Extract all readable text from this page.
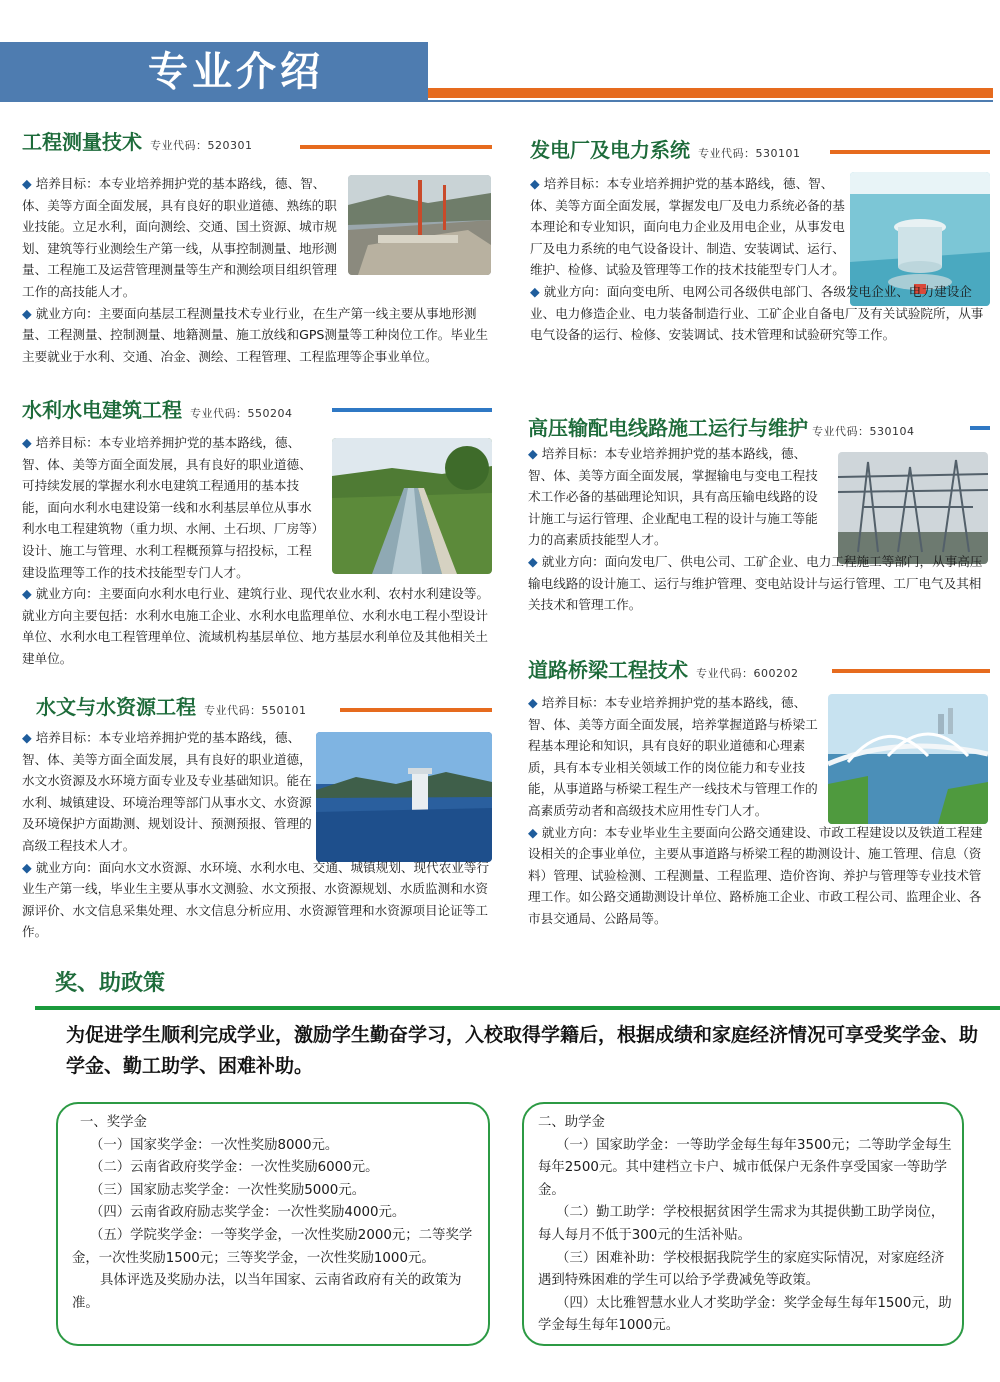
专业介绍
工程测量技术 专业代码：520301

◆ 培养目标：本专业培养拥护党的基本路线，德、智、体、美等方面全面发展，具有良好的职业道德、熟练的职业技能。立足水利，面向测绘、交通、国土资源、城市规划、建筑等行业测绘生产第一线，从事控制测量、地形测量、工程施工及运营管理测量等生产和测绘项目组织管理工作的高技能人才。

◆ 就业方向：主要面向基层工程测量技术专业行业，在生产第一线主要从事地形测量、工程测量、控制测量、地籍测量、施工放线和GPS测量等工种岗位工作。毕业生主要就业于水利、交通、冶金、测绘、工程管理、工程监理等企事业单位。

水利水电建筑工程 专业代码：550204

◆ 培养目标：本专业培养拥护党的基本路线，德、智、体、美等方面全面发展，具有良好的职业道德、可持续发展的掌握水利水电建筑工程通用的基本技能，面向水利水电建设第一线和水利基层单位从事水利水电工程建筑物（重力坝、水闸、土石坝、厂房等）设计、施工与管理、水利工程概预算与招投标，工程建设监理等工作的技术技能型专门人才。

◆ 就业方向：主要面向水利水电行业、建筑行业、现代农业水利、农村水利建设等。就业方向主要包括：水利水电施工企业、水利水电监理单位、水利水电工程小型设计单位、水利水电工程管理单位、流域机构基层单位、地方基层水利单位及其他相关土建单位。

水文与水资源工程 专业代码：550101

◆ 培养目标：本专业培养拥护党的基本路线，德、智、体、美等方面全面发展，具有良好的职业道德，水文水资源及水环境方面专业及专业基础知识。能在水利、城镇建设、环境治理等部门从事水文、水资源及环境保护方面勘测、规划设计、预测预报、管理的高级工程技术人才。

◆ 就业方向：面向水文水资源、水环境、水利水电、交通、城镇规划、现代农业等行业生产第一线，毕业生主要从事水文测验、水文预报、水资源规划、水质监测和水资源评价、水文信息采集处理、水文信息分析应用、水资源管理和水资源项目论证等工作。

发电厂及电力系统 专业代码：530101

◆ 培养目标：本专业培养拥护党的基本路线，德、智、体、美等方面全面发展，掌握发电厂及电力系统必备的基本理论和专业知识，面向电力企业及用电企业，从事发电厂及电力系统的电气设备设计、制造、安装调试、运行、维护、检修、试验及管理等工作的技术技能型专门人才。

◆ 就业方向：面向变电所、电网公司各级供电部门、各级发电企业、电力建设企业、电力修造企业、电力装备制造行业、工矿企业自备电厂及有关试验院所，从事电气设备的运行、检修、安装调试、技术管理和试验研究等工作。

高压输配电线路施工运行与维护 专业代码：530104

◆ 培养目标：本专业培养拥护党的基本路线，德、智、体、美等方面全面发展，掌握输电与变电工程技术工作必备的基础理论知识，具有高压输电线路的设计施工与运行管理、企业配电工程的设计与施工等能力的高素质技能型人才。

◆ 就业方向：面向发电厂、供电公司、工矿企业、电力工程施工等部门，从事高压输电线路的设计施工、运行与维护管理、变电站设计与运行管理、工厂电气及其相关技术和管理工作。

道路桥梁工程技术 专业代码：600202

◆ 培养目标：本专业培养拥护党的基本路线，德、智、体、美等方面全面发展，培养掌握道路与桥梁工程基本理论和知识，具有良好的职业道德和心理素质，具有本专业相关领域工作的岗位能力和专业技能，从事道路与桥梁工程生产一线技术与管理工作的高素质劳动者和高级技术应用性专门人才。

◆ 就业方向：本专业毕业生主要面向公路交通建设、市政工程建设以及铁道工程建设相关的企事业单位，主要从事道路与桥梁工程的勘测设计、施工管理、信息（资料）管理、试验检测、工程测量、工程监理、造价咨询、养护与管理等专业技术管理工作。如公路交通勘测设计单位、路桥施工企业、市政工程公司、监理企业、各市县交通局、公路局等。

奖、助政策
为促进学生顺利完成学业，激励学生勤奋学习，入校取得学籍后，根据成绩和家庭经济情况可享受奖学金、助学金、勤工助学、困难补助。

一、奖学金

（一）国家奖学金：一次性奖励8000元。

（二）云南省政府奖学金：一次性奖励6000元。

（三）国家励志奖学金：一次性奖励5000元。

（四）云南省政府励志奖学金：一次性奖励4000元。

（五）学院奖学金：一等奖学金，一次性奖励2000元；二等奖学金，一次性奖励1500元；三等奖学金，一次性奖励1000元。

具体评选及奖励办法，以当年国家、云南省政府有关的政策为准。

二、助学金

（一）国家助学金：一等助学金每生每年3500元；二等助学金每生每年2500元。其中建档立卡户、城市低保户无条件享受国家一等助学金。

（二）勤工助学：学校根据贫困学生需求为其提供勤工助学岗位，每人每月不低于300元的生活补贴。

（三）困难补助：学校根据我院学生的家庭实际情况，对家庭经济遇到特殊困难的学生可以给予学费减免等政策。

（四）太比雅智慧水业人才奖助学金：奖学金每生每年1500元，助学金每生每年1000元。
